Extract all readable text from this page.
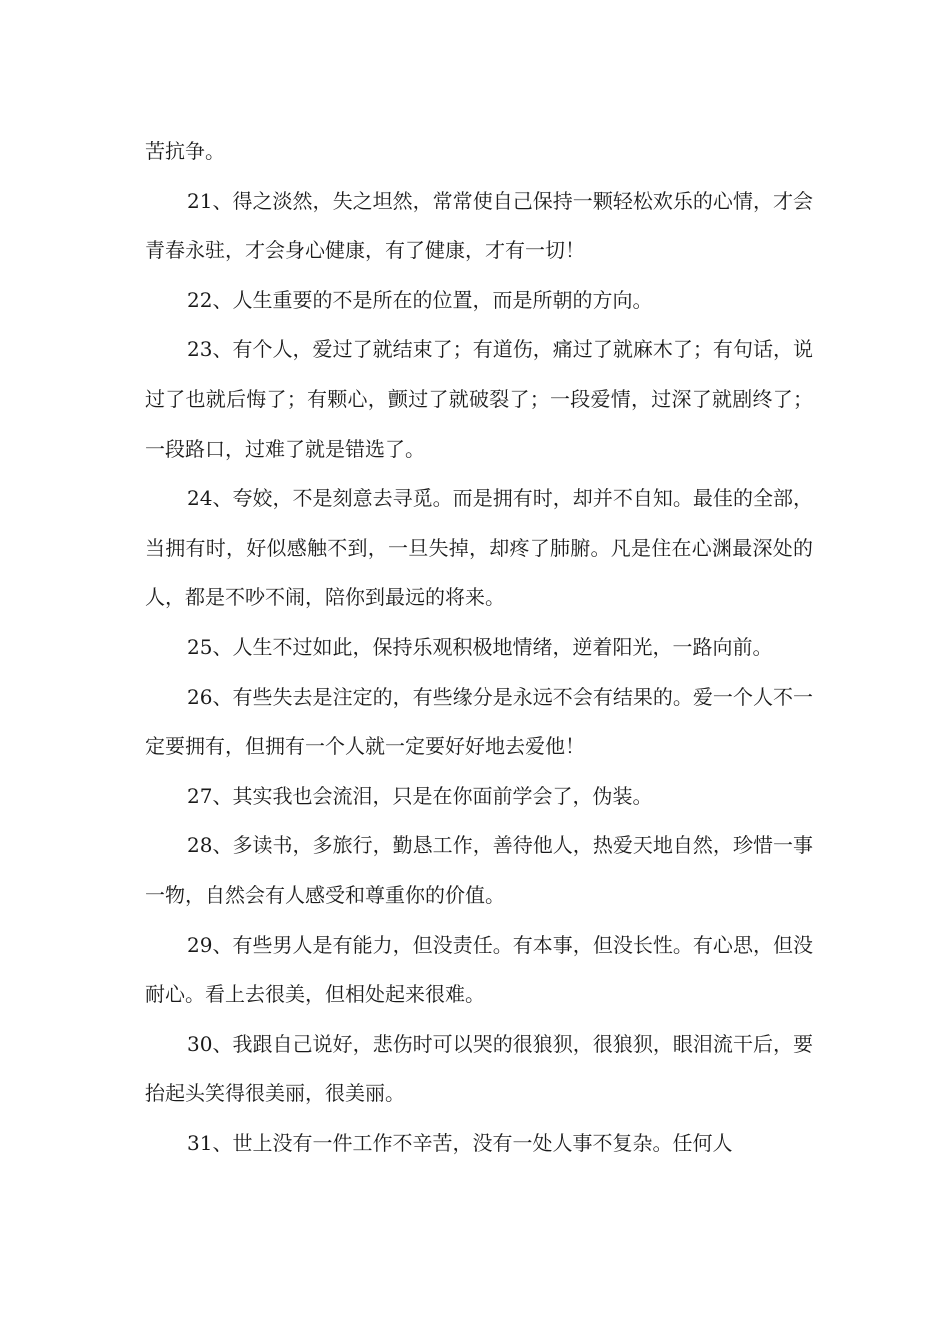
苦抗争。

21、得之淡然，失之坦然，常常使自己保持一颗轻松欢乐的心情，才会青春永驻，才会身心健康，有了健康，才有一切！

22、人生重要的不是所在的位置，而是所朝的方向。

23、有个人，爱过了就结束了；有道伤，痛过了就麻木了；有句话，说过了也就后悔了；有颗心，颤过了就破裂了；一段爱情，过深了就剧终了；一段路口，过难了就是错选了。

24、夸姣，不是刻意去寻觅。而是拥有时，却并不自知。最佳的全部，当拥有时，好似感触不到，一旦失掉，却疼了肺腑。凡是住在心渊最深处的人，都是不吵不闹，陪你到最远的将来。

25、人生不过如此，保持乐观积极地情绪，逆着阳光，一路向前。

26、有些失去是注定的，有些缘分是永远不会有结果的。爱一个人不一定要拥有，但拥有一个人就一定要好好地去爱他！

27、其实我也会流泪，只是在你面前学会了，伪装。

28、多读书，多旅行，勤恳工作，善待他人，热爱天地自然，珍惜一事一物，自然会有人感受和尊重你的价值。

29、有些男人是有能力，但没责任。有本事，但没长性。有心思，但没耐心。看上去很美，但相处起来很难。

30、我跟自己说好，悲伤时可以哭的很狼狈，很狼狈，眼泪流干后，要抬起头笑得很美丽，很美丽。

31、世上没有一件工作不辛苦，没有一处人事不复杂。任何人
